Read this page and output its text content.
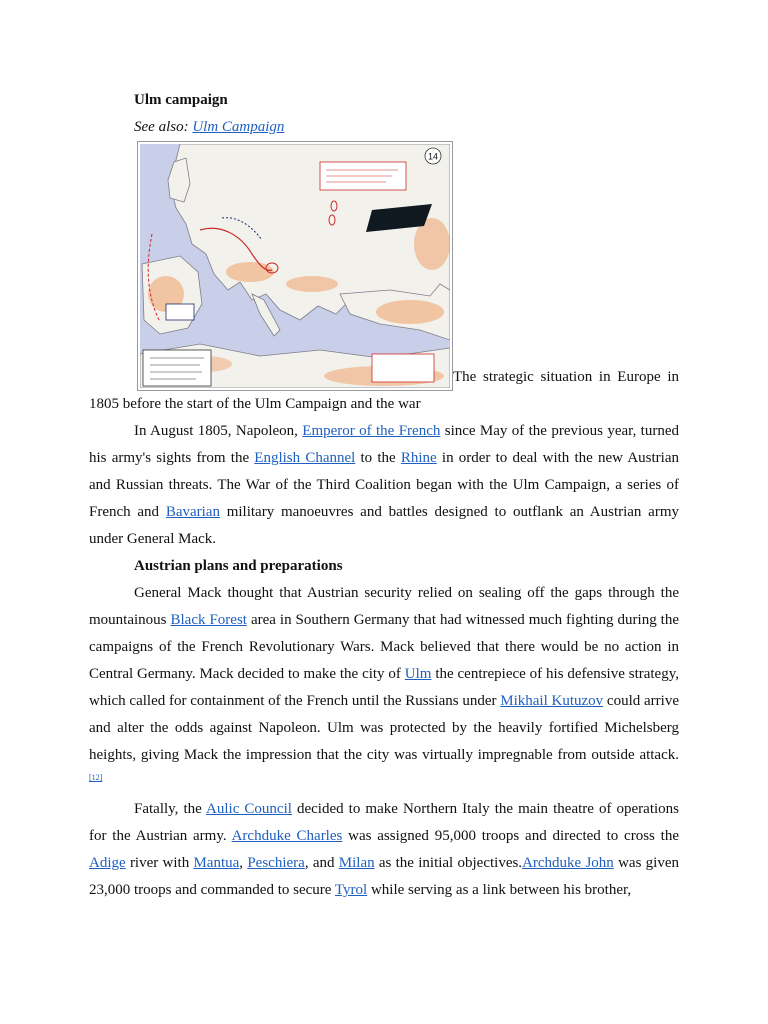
Ulm campaign

See also: Ulm Campaign

14
The strategic situation in Europe in 1805 before the start of the Ulm Campaign and the war

In August 1805, Napoleon, Emperor of the French since May of the previous year, turned his army's sights from the English Channel to the Rhine in order to deal with the new Austrian and Russian threats. The War of the Third Coalition began with the Ulm Campaign, a series of French and Bavarian military manoeuvres and battles designed to outflank an Austrian army under General Mack.

Austrian plans and preparations

General Mack thought that Austrian security relied on sealing off the gaps through the mountainous Black Forest area in Southern Germany that had witnessed much fighting during the campaigns of the French Revolutionary Wars. Mack believed that there would be no action in Central Germany. Mack decided to make the city of Ulm the centrepiece of his defensive strategy, which called for containment of the French until the Russians under Mikhail Kutuzov could arrive and alter the odds against Napoleon. Ulm was protected by the heavily fortified Michelsberg heights, giving Mack the impression that the city was virtually impregnable from outside attack.[12]

Fatally, the Aulic Council decided to make Northern Italy the main theatre of operations for the Austrian army. Archduke Charles was assigned 95,000 troops and directed to cross the Adige river with Mantua, Peschiera, and Milan as the initial objectives.Archduke John was given 23,000 troops and commanded to secure Tyrol while serving as a link between his brother,
